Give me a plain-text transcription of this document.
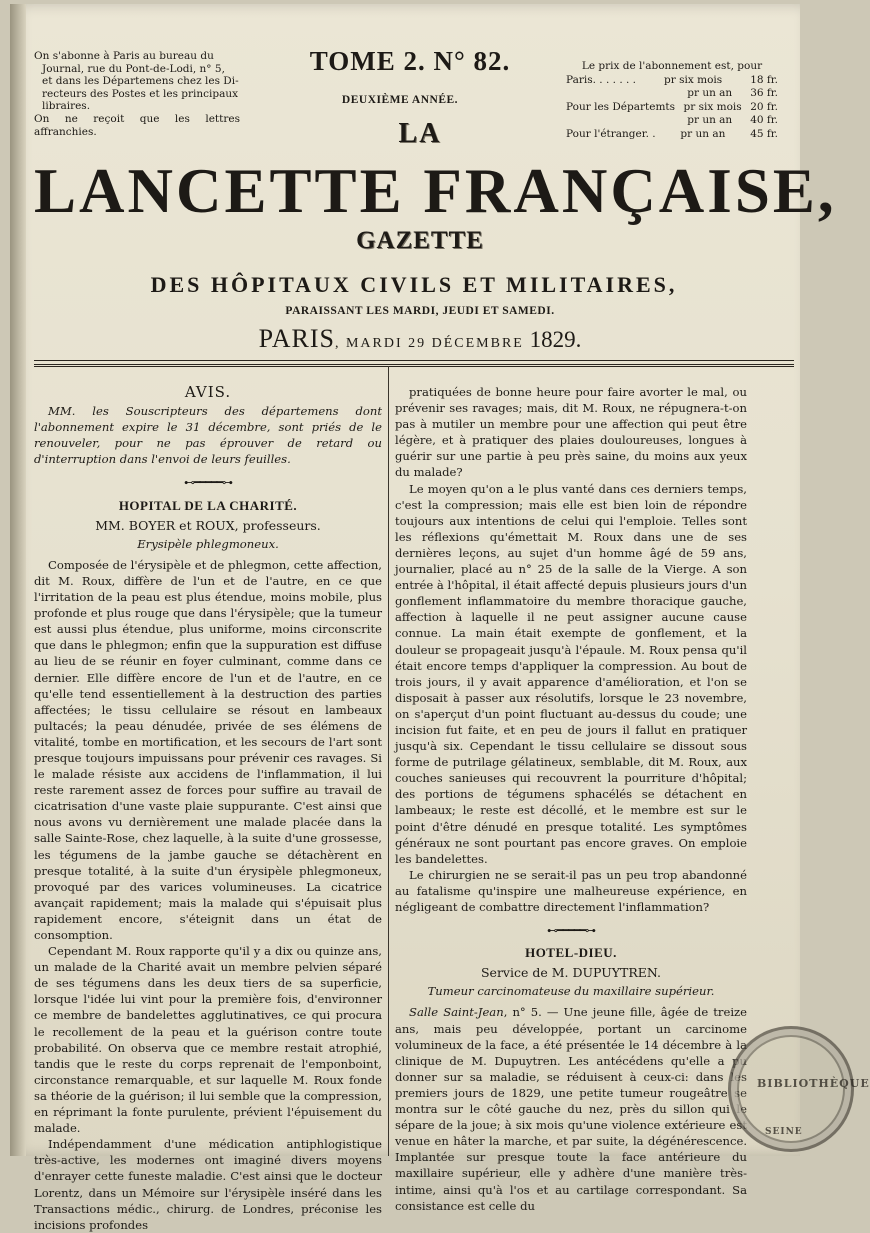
On s'abonne à Paris au bureau du

Journal, rue du Pont-de-Lodi, n° 5,

et dans les Départemens chez les Di-

recteurs des Postes et les principaux

libraires.

On ne reçoit que les lettres affranchies.

TOME 2. N° 82.
DEUXIÈME ANNÉE.
Le prix de l'abonnement est, pour
Paris. . . . . . .	pr six mois	18 fr.
pr un an 36 fr.
Pour les Départemts pr six mois 20 fr.
pr un an 40 fr.
Pour l'étranger. . pr un an 45 fr.
LA
LANCETTE FRANÇAISE,
GAZETTE
DES HÔPITAUX CIVILS ET MILITAIRES,
PARAISSANT LES MARDI, JEUDI ET SAMEDI.
PARIS, MARDI 29 DÉCEMBRE 1829.
AVIS.

MM. les Souscripteurs des départemens dont l'abonnement expire le 31 décembre, sont priés de le renouveler, pour ne pas éprouver de retard ou d'interruption dans l'envoi de leurs feuilles.

⊷━━━━━⊶
HOPITAL DE LA CHARITÉ.
MM. BOYER et ROUX, professeurs.
Erysipèle phlegmoneux.

Composée de l'érysipèle et de phlegmon, cette affection, dit M. Roux, diffère de l'un et de l'autre, en ce que l'irritation de la peau est plus étendue, moins mobile, plus profonde et plus rouge que dans l'érysipèle; que la tumeur est aussi plus étendue, plus uniforme, moins circonscrite que dans le phlegmon; enfin que la suppuration est diffuse au lieu de se réunir en foyer culminant, comme dans ce dernier. Elle diffère encore de l'un et de l'autre, en ce qu'elle tend essentiellement à la destruction des parties affectées; le tissu cellulaire se résout en lambeaux pultacés; la peau dénudée, privée de ses élémens de vitalité, tombe en mortification, et les secours de l'art sont presque toujours impuissans pour prévenir ces ravages. Si le malade résiste aux accidens de l'inflammation, il lui reste rarement assez de forces pour suffire au travail de cicatrisation d'une vaste plaie suppurante. C'est ainsi que nous avons vu dernièrement une malade placée dans la salle Sainte-Rose, chez laquelle, à la suite d'une grossesse, les tégumens de la jambe gauche se détachèrent en presque totalité, à la suite d'un érysipèle phlegmoneux, provoqué par des varices volumineuses. La cicatrice avançait rapidement; mais la malade qui s'épuisait plus rapidement encore, s'éteignit dans un état de consomption.

Cependant M. Roux rapporte qu'il y a dix ou quinze ans, un malade de la Charité avait un membre pelvien séparé de ses tégumens dans les deux tiers de sa superficie, lorsque l'idée lui vint pour la première fois, d'environner ce membre de bandelettes agglutinatives, ce qui procura le recollement de la peau et la guérison contre toute probabilité. On observa que ce membre restait atrophié, tandis que le reste du corps reprenait de l'emponboint, circonstance remarquable, et sur laquelle M. Roux fonde sa théorie de la guérison; il lui semble que la compression, en réprimant la fonte purulente, prévient l'épuisement du malade.

Indépendamment d'une médication antiphlogistique très-active, les modernes ont imaginé divers moyens d'enrayer cette funeste maladie. C'est ainsi que le docteur Lorentz, dans un Mémoire sur l'érysipèle inséré dans les Transactions médic., chirurg. de Londres, préconise les incisions profondes

pratiquées de bonne heure pour faire avorter le mal, ou prévenir ses ravages; mais, dit M. Roux, ne répugnera-t-on pas à mutiler un membre pour une affection qui peut être légère, et à pratiquer des plaies douloureuses, longues à guérir sur une partie à peu près saine, du moins aux yeux du malade?

Le moyen qu'on a le plus vanté dans ces derniers temps, c'est la compression; mais elle est bien loin de répondre toujours aux intentions de celui qui l'emploie. Telles sont les réflexions qu'émettait M. Roux dans une de ses dernières leçons, au sujet d'un homme âgé de 59 ans, journalier, placé au n° 25 de la salle de la Vierge. A son entrée à l'hôpital, il était affecté depuis plusieurs jours d'un gonflement inflammatoire du membre thoracique gauche, affection à laquelle il ne peut assigner aucune cause connue. La main était exempte de gonflement, et la douleur se propageait jusqu'à l'épaule. M. Roux pensa qu'il était encore temps d'appliquer la compression. Au bout de trois jours, il y avait apparence d'amélioration, et l'on se disposait à passer aux résolutifs, lorsque le 23 novembre, on s'aperçut d'un point fluctuant au-dessus du coude; une incision fut faite, et en peu de jours il fallut en pratiquer jusqu'à six. Cependant le tissu cellulaire se dissout sous forme de putrilage gélatineux, semblable, dit M. Roux, aux couches sanieuses qui recouvrent la pourriture d'hôpital; des portions de tégumens sphacélés se détachent en lambeaux; le reste est décollé, et le membre est sur le point d'être dénudé en presque totalité. Les symptômes généraux ne sont pourtant pas encore graves. On emploie les bandelettes.

Le chirurgien ne se serait-il pas un peu trop abandonné au fatalisme qu'inspire une malheureuse expérience, en négligeant de combattre directement l'inflammation?

⊷━━━━━⊶
HOTEL-DIEU.
Service de M. DUPUYTREN.
Tumeur carcinomateuse du maxillaire supérieur.

Salle Saint-Jean, n° 5. — Une jeune fille, âgée de treize ans, mais peu développée, portant un carcinome volumineux de la face, a été présentée le 14 décembre à la clinique de M. Dupuytren. Les antécédens qu'elle a pu donner sur sa maladie, se réduisent à ceux-ci: dans les premiers jours de 1829, une petite tumeur rougeâtre se montra sur le côté gauche du nez, près du sillon qui le sépare de la joue; à six mois qu'une violence extérieure est venue en hâter la marche, et par suite, la dégénérescence. Implantée sur presque toute la face antérieure du maxillaire supérieur, elle y adhère d'une manière très-intime, ainsi qu'à l'os et au cartilage correspondant. Sa consistance est celle du

BIBLIOTHÈQUE
SEINE
